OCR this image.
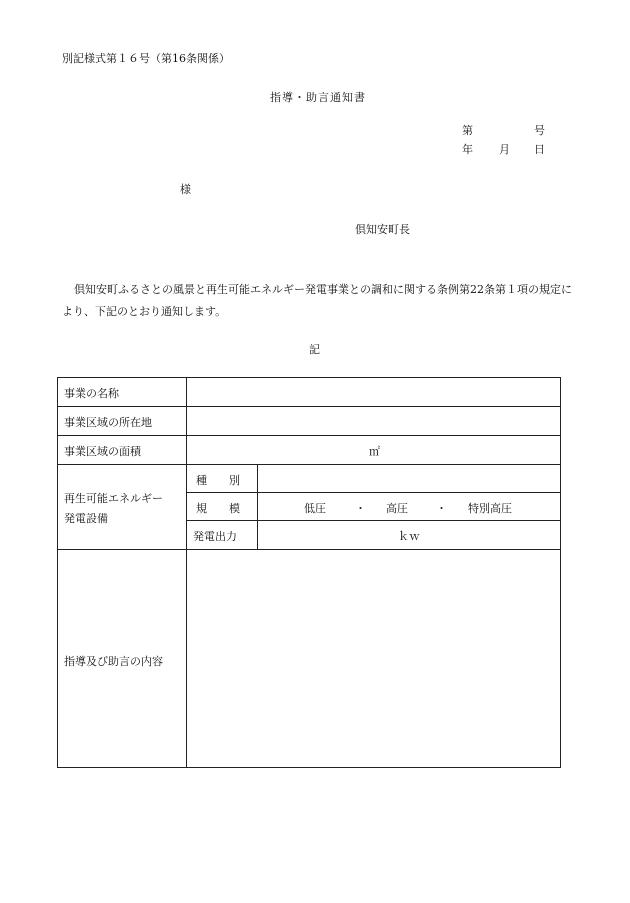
別記様式第１６号（第16条関係）
指導・助言通知書
第	号
年 月 日
様
倶知安町長
倶知安町ふるさとの風景と再生可能エネルギー発電事業との調和に関する条例第22条第１項の規定により、下記のとおり通知します。
記
事業の名称
事業区域の所在地
事業区域の面積	㎡
再生可能エネルギー
発電設備
種　　別
規　　模	低圧	・ 高圧	・ 特別高圧
発電出力	ｋｗ
指導及び助言の内容
